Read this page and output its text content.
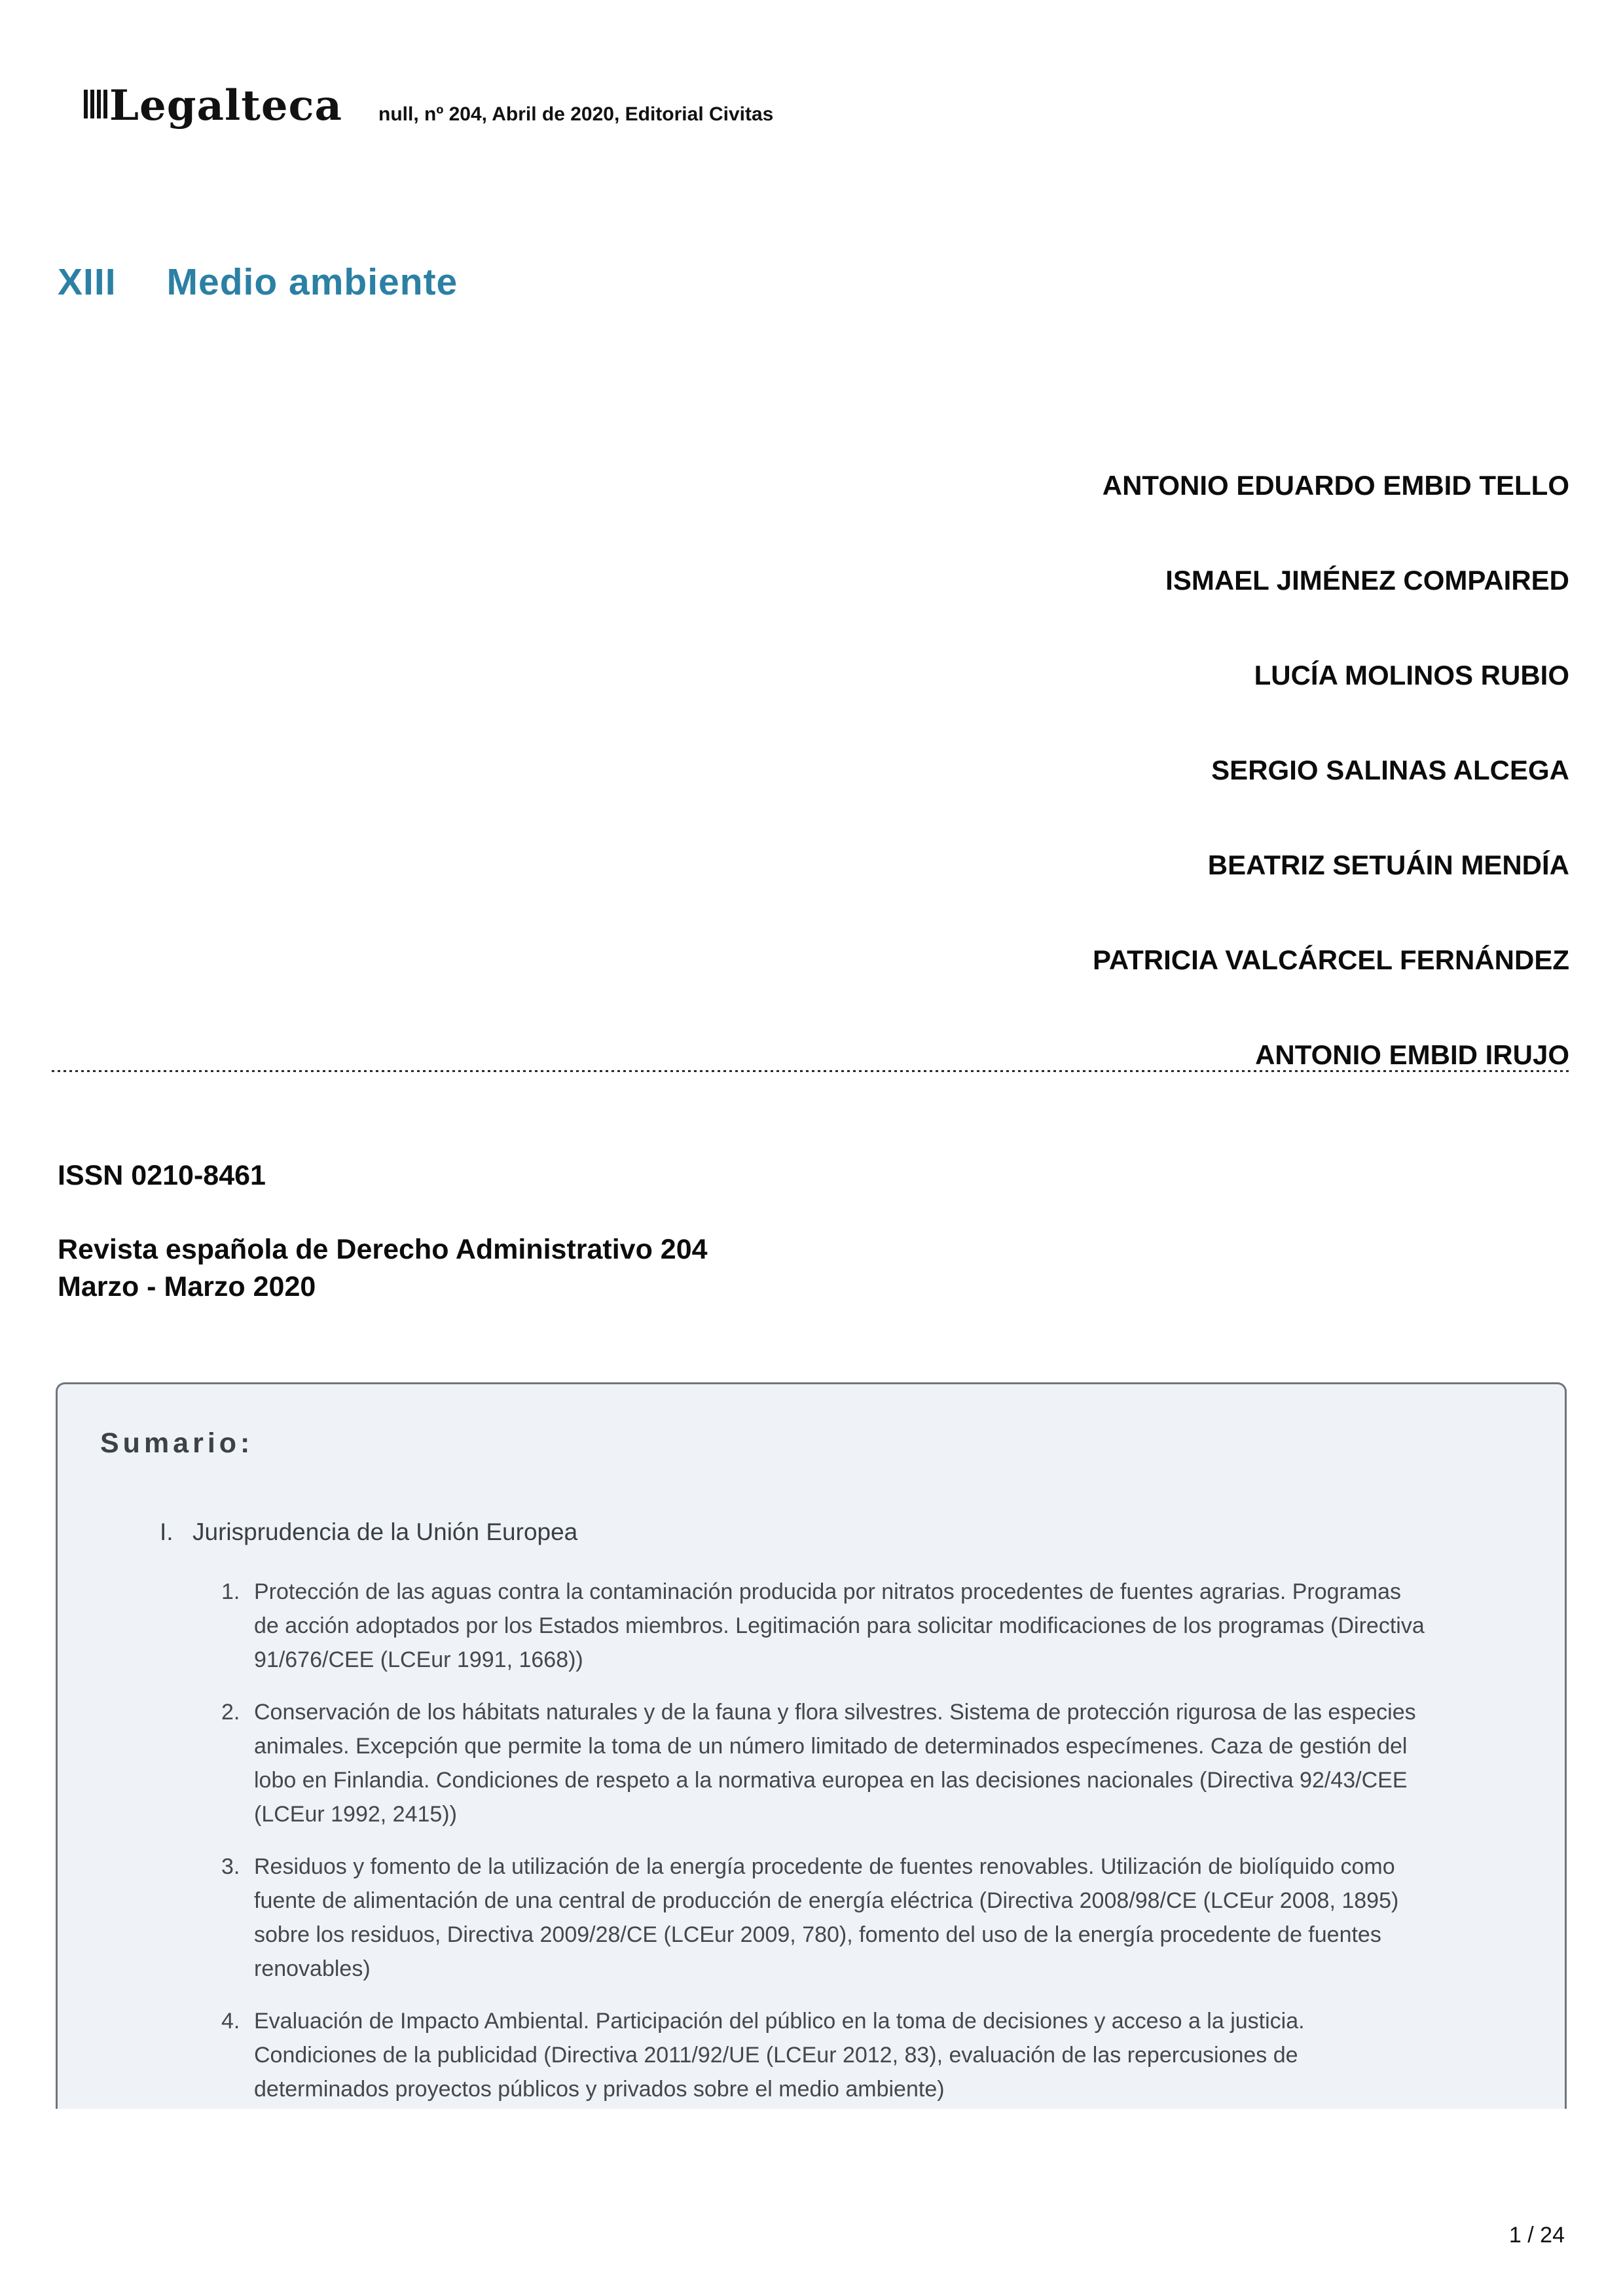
Legalteca null, nº 204, Abril de 2020, Editorial Civitas
XIII Medio ambiente
ANTONIO EDUARDO EMBID TELLO
ISMAEL JIMÉNEZ COMPAIRED
LUCÍA MOLINOS RUBIO
SERGIO SALINAS ALCEGA
BEATRIZ SETUÁIN MENDÍA
PATRICIA VALCÁRCEL FERNÁNDEZ
ANTONIO EMBID IRUJO
ISSN 0210-8461
Revista española de Derecho Administrativo 204
Marzo - Marzo 2020
Sumario:
I. Jurisprudencia de la Unión Europea
1. Protección de las aguas contra la contaminación producida por nitratos procedentes de fuentes agrarias. Programas de acción adoptados por los Estados miembros. Legitimación para solicitar modificaciones de los programas (Directiva 91/676/CEE (LCEur 1991, 1668))
2. Conservación de los hábitats naturales y de la fauna y flora silvestres. Sistema de protección rigurosa de las especies animales. Excepción que permite la toma de un número limitado de determinados especímenes. Caza de gestión del lobo en Finlandia. Condiciones de respeto a la normativa europea en las decisiones nacionales (Directiva 92/43/CEE (LCEur 1992, 2415))
3. Residuos y fomento de la utilización de la energía procedente de fuentes renovables. Utilización de biolíquido como fuente de alimentación de una central de producción de energía eléctrica (Directiva 2008/98/CE (LCEur 2008, 1895) sobre los residuos, Directiva 2009/28/CE (LCEur 2009, 780), fomento del uso de la energía procedente de fuentes renovables)
4. Evaluación de Impacto Ambiental. Participación del público en la toma de decisiones y acceso a la justicia. Condiciones de la publicidad (Directiva 2011/92/UE (LCEur 2012, 83), evaluación de las repercusiones de determinados proyectos públicos y privados sobre el medio ambiente)
1 / 24
